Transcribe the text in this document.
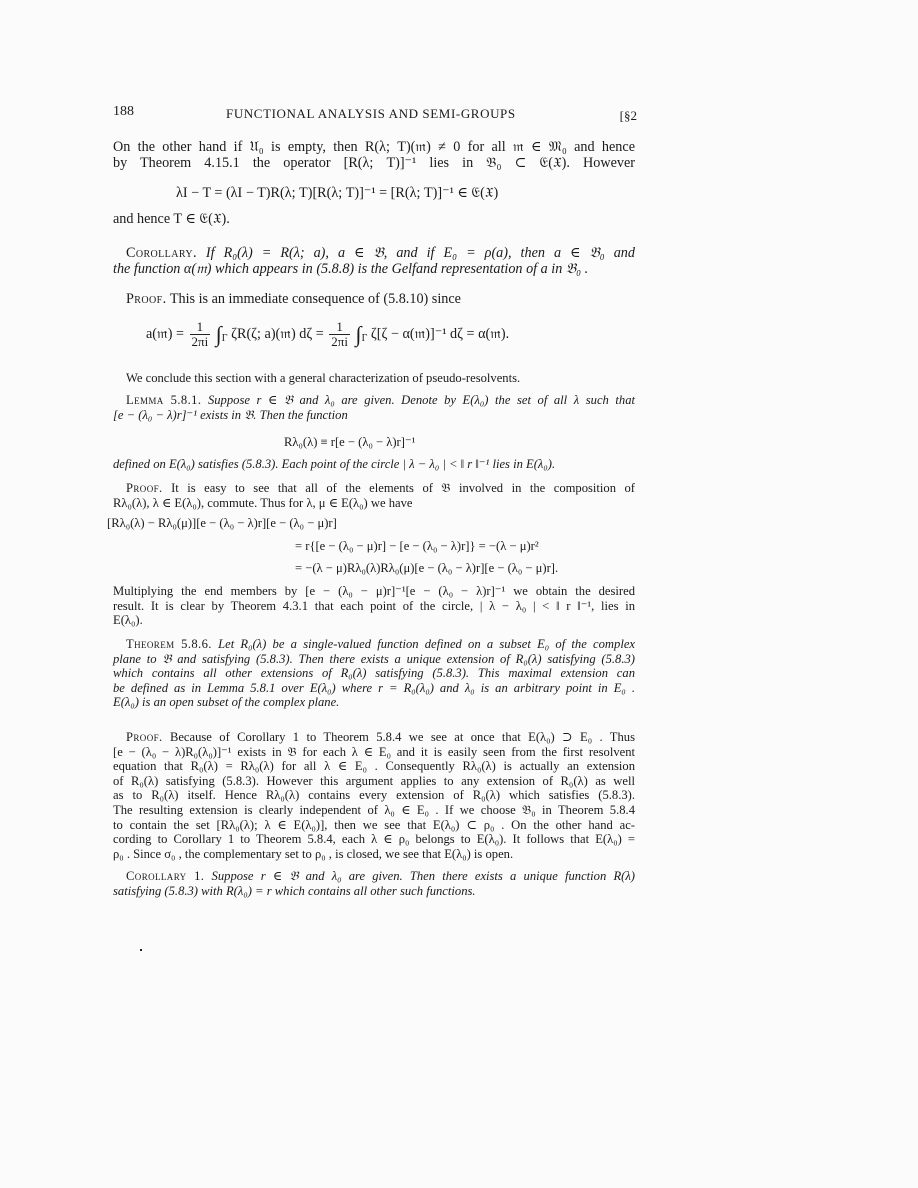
188	FUNCTIONAL ANALYSIS AND SEMI-GROUPS	[§2
On the other hand if 𝔘₀ is empty, then R(λ; T)(𝔪) ≠ 0 for all 𝔪 ∈ 𝔐₀ and hence
by Theorem 4.15.1 the operator [R(λ; T)]⁻¹ lies in 𝔅₀ ⊂ 𝔈(𝔛). However
λI − T = (λI − T)R(λ; T)[R(λ; T)]⁻¹ = [R(λ; T)]⁻¹ ∈ 𝔈(𝔛)
and hence T ∈ 𝔈(𝔛).
Corollary. If R₀(λ) = R(λ; a), a ∈ 𝔅, and if E₀ = ρ(a), then a ∈ 𝔅₀ and
the function α(𝔪) which appears in (5.8.8) is the Gelfand representation of a in 𝔅₀ .
Proof. This is an immediate consequence of (5.8.10) since
a(𝔪) = $\frac{1}{2\pi i} \int_\Gamma$ ζR(ζ; a)(𝔪) $d\zeta = \frac{1}{2\pi i} \int_\Gamma$ ζ[ζ − α(𝔪)]⁻¹ dζ = α(𝔪).
We conclude this section with a general characterization of pseudo-resolvents.
Lemma 5.8.1. Suppose r ∈ 𝔅 and λ₀ are given. Denote by E(λ₀) the set of all λ such that
[e − (λ₀ − λ)r]⁻¹ exists in 𝔅. Then the function
Rλ₀(λ) ≡ r[e − (λ₀ − λ)r]⁻¹
defined on E(λ₀) satisfies (5.8.3). Each point of the circle | λ − λ₀ | < ‖ r ‖⁻¹ lies in E(λ₀).
Proof. It is easy to see that all of the elements of 𝔅 involved in the composition of
Rλ₀(λ), λ ∈ E(λ₀), commute. Thus for λ, μ ∈ E(λ₀) we have
[Rλ₀(λ) − Rλ₀(μ)][e − (λ₀ − λ)r][e − (λ₀ − μ)r]
= r{[e − (λ₀ − μ)r] − [e − (λ₀ − λ)r]} = −(λ − μ)r²
= −(λ − μ)Rλ₀(λ)Rλ₀(μ)[e − (λ₀ − λ)r][e − (λ₀ − μ)r].
Multiplying the end members by [e − (λ₀ − μ)r]⁻¹[e − (λ₀ − λ)r]⁻¹ we obtain the desired
result. It is clear by Theorem 4.3.1 that each point of the circle, | λ − λ₀ | < ‖ r ‖⁻¹, lies in
E(λ₀).
Theorem 5.8.6. Let R₀(λ) be a single-valued function defined on a subset E₀ of the complex
plane to 𝔅 and satisfying (5.8.3). Then there exists a unique extension of R₀(λ) satisfying (5.8.3)
which contains all other extensions of R₀(λ) satisfying (5.8.3). This maximal extension can
be defined as in Lemma 5.8.1 over E(λ₀) where r = R₀(λ₀) and λ₀ is an arbitrary point in E₀ .
E(λ₀) is an open subset of the complex plane.
Proof. Because of Corollary 1 to Theorem 5.8.4 we see at once that E(λ₀) ⊃ E₀ . Thus
[e − (λ₀ − λ)R₀(λ₀)]⁻¹ exists in 𝔅 for each λ ∈ E₀ and it is easily seen from the first resolvent
equation that R₀(λ) = Rλ₀(λ) for all λ ∈ E₀ . Consequently Rλ₀(λ) is actually an extension
of R₀(λ) satisfying (5.8.3). However this argument applies to any extension of R₀(λ) as well
as to R₀(λ) itself. Hence Rλ₀(λ) contains every extension of R₀(λ) which satisfies (5.8.3).
The resulting extension is clearly independent of λ₀ ∈ E₀ . If we choose 𝔅₀ in Theorem 5.8.4
to contain the set [Rλ₀(λ); λ ∈ E(λ₀)], then we see that E(λ₀) ⊂ ρ₀ . On the other hand ac-
cording to Corollary 1 to Theorem 5.8.4, each λ ∈ ρ₀ belongs to E(λ₀). It follows that E(λ₀) =
ρ₀ . Since σ₀ , the complementary set to ρ₀ , is closed, we see that E(λ₀) is open.
Corollary 1. Suppose r ∈ 𝔅 and λ₀ are given. Then there exists a unique function R(λ)
satisfying (5.8.3) with R(λ₀) = r which contains all other such functions.
